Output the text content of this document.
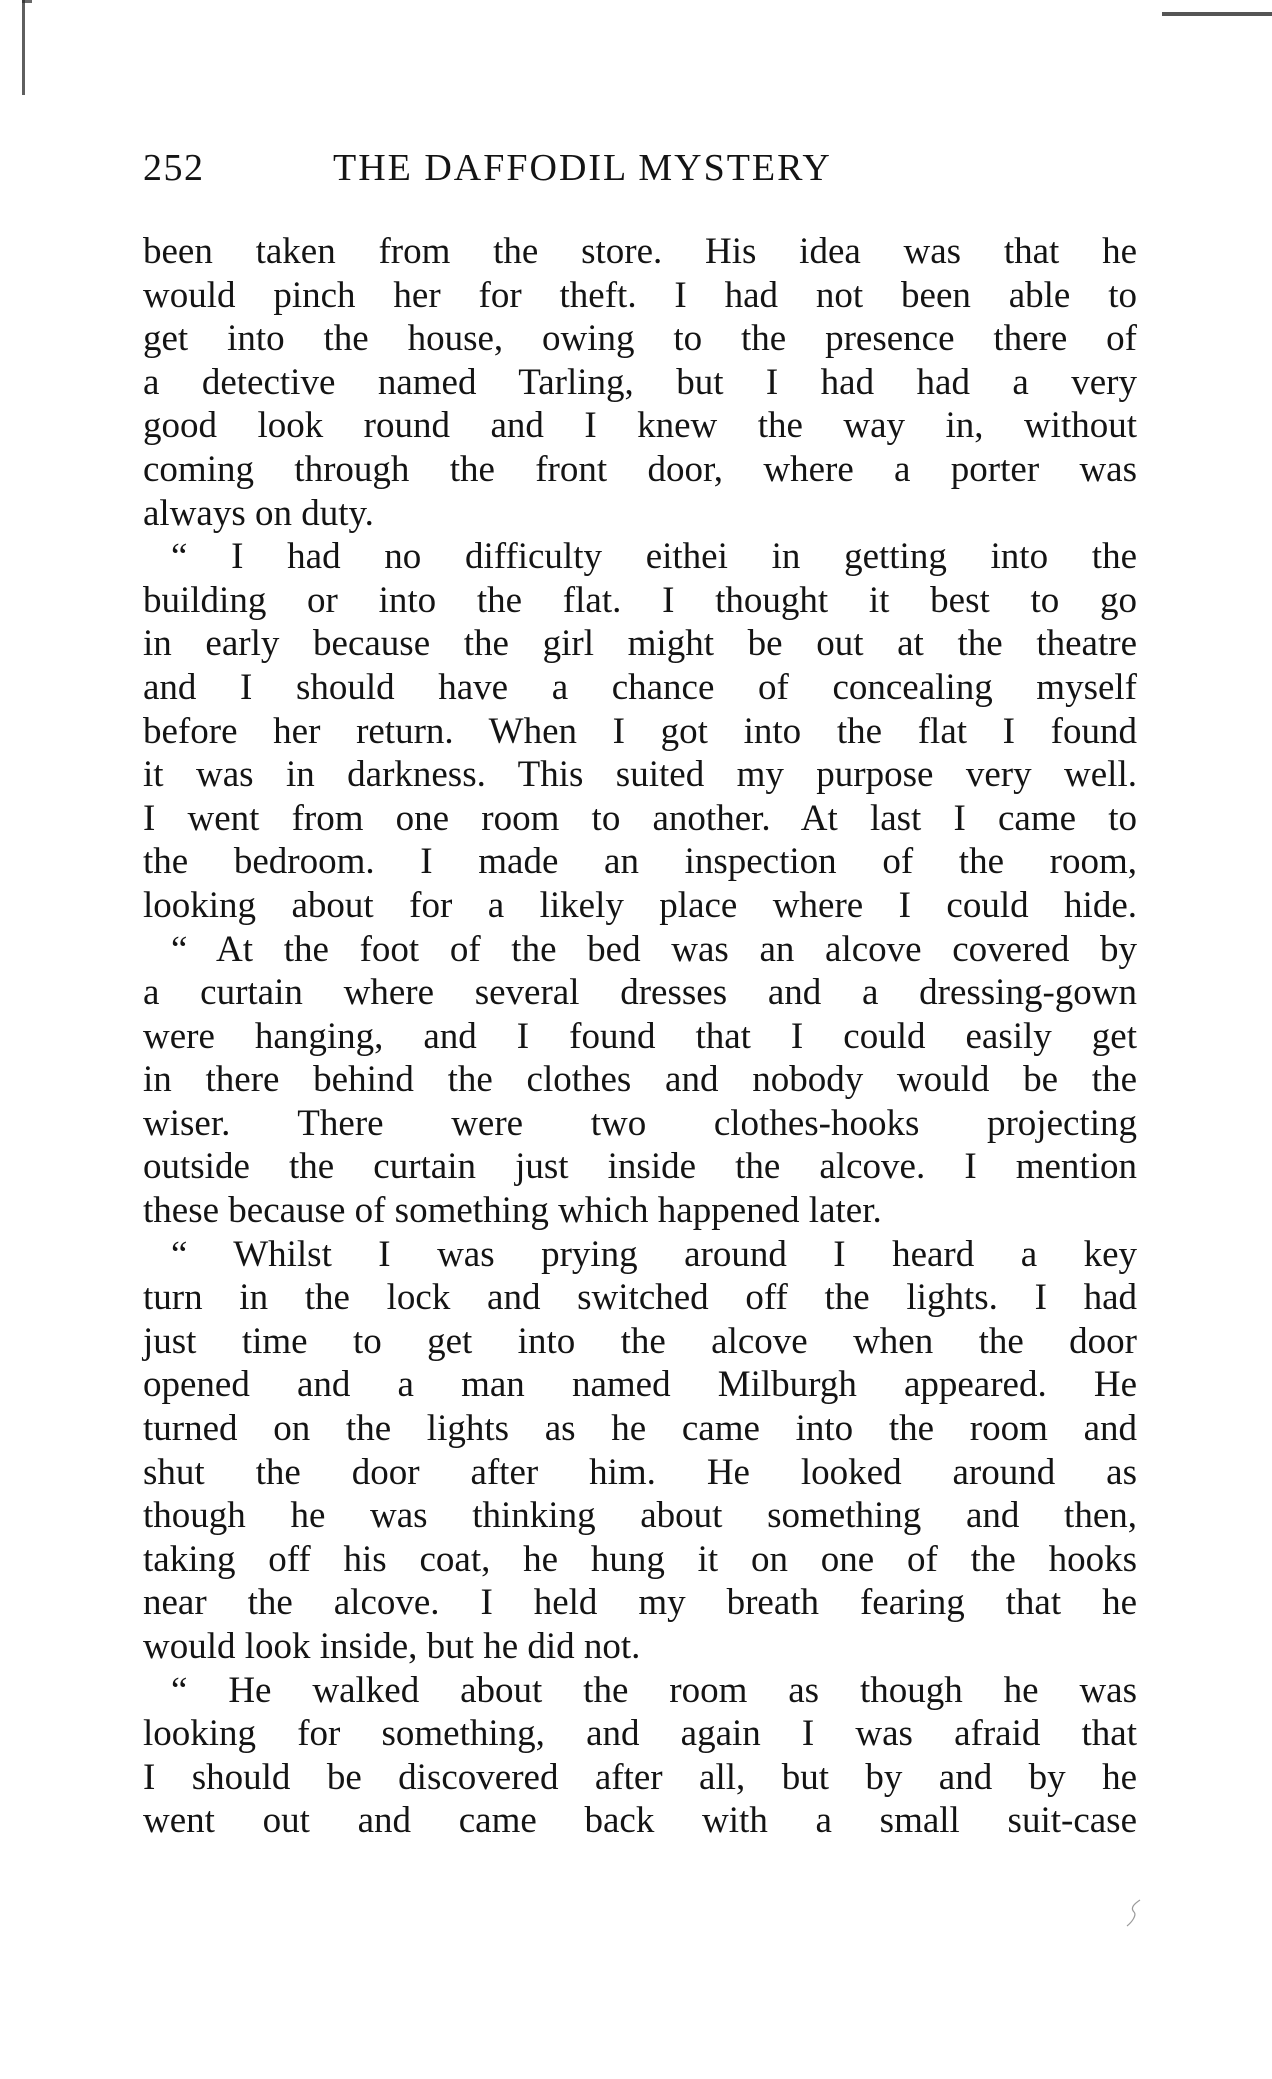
252	THE DAFFODIL MYSTERY
been taken from the store. His idea was that he
would pinch her for theft. I had not been able to
get into the house, owing to the presence there of
a detective named Tarling, but I had had a very
good look round and I knew the way in, without
coming through the front door, where a porter was
always on duty.
“ I had no difficulty eithei in getting into the
building or into the flat. I thought it best to go
in early because the girl might be out at the theatre
and I should have a chance of concealing myself
before her return. When I got into the flat I found
it was in darkness. This suited my purpose very well.
I went from one room to another. At last I came to
the bedroom. I made an inspection of the room,
looking about for a likely place where I could hide.
“ At the foot of the bed was an alcove covered by
a curtain where several dresses and a dressing-gown
were hanging, and I found that I could easily get
in there behind the clothes and nobody would be the
wiser. There were two clothes-hooks projecting
outside the curtain just inside the alcove. I mention
these because of something which happened later.
“ Whilst I was prying around I heard a key
turn in the lock and switched off the lights. I had
just time to get into the alcove when the door
opened and a man named Milburgh appeared. He
turned on the lights as he came into the room and
shut the door after him. He looked around as
though he was thinking about something and then,
taking off his coat, he hung it on one of the hooks
near the alcove. I held my breath fearing that he
would look inside, but he did not.
“ He walked about the room as though he was
looking for something, and again I was afraid that
I should be discovered after all, but by and by he
went out and came back with a small suit-case
